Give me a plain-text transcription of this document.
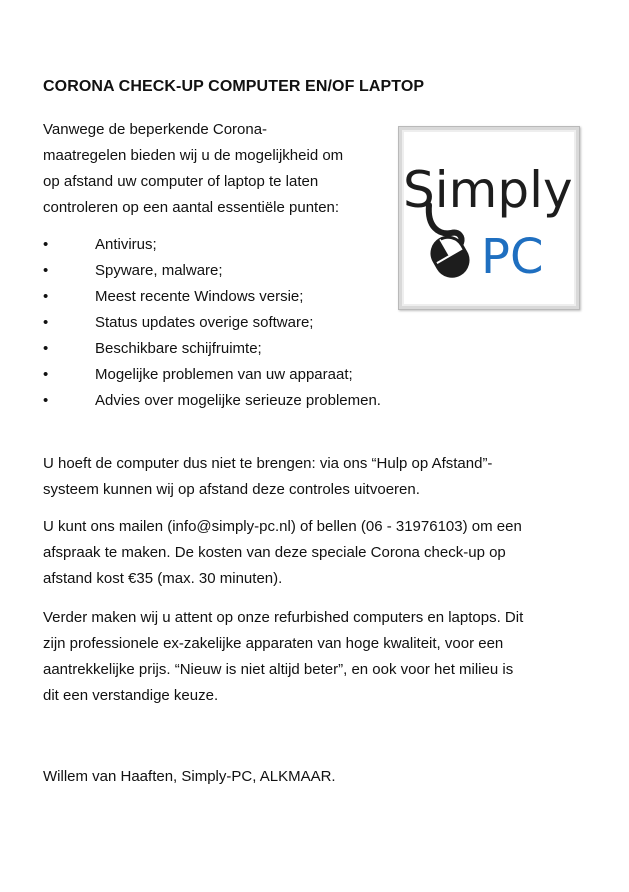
CORONA CHECK-UP COMPUTER EN/OF LAPTOP
Vanwege de beperkende Corona-
maatregelen bieden wij u de mogelijkheid om
op afstand uw computer of laptop te laten
controleren op een aantal essentiële punten:
•	Antivirus;
•	Spyware, malware;
•	Meest recente Windows versie;
•	Status updates overige software;
•	Beschikbare schijfruimte;
•	Mogelijke problemen van uw apparaat;
•	Advies over mogelijke serieuze problemen.
U hoeft de computer dus niet te brengen: via ons “Hulp op Afstand”-
systeem kunnen wij op afstand deze controles uitvoeren.
U kunt ons mailen (info@simply-pc.nl) of bellen (06 - 31976103) om een
afspraak te maken. De kosten van deze speciale Corona check-up op
afstand kost €35 (max. 30 minuten).
Verder maken wij u attent op onze refurbished computers en laptops. Dit
zijn professionele ex-zakelijke apparaten van hoge kwaliteit, voor een
aantrekkelijke prijs. “Nieuw is niet altijd beter”, en ook voor het milieu is
dit een verstandige keuze.
Willem van Haaften, Simply-PC, ALKMAAR.
Simply
PC
